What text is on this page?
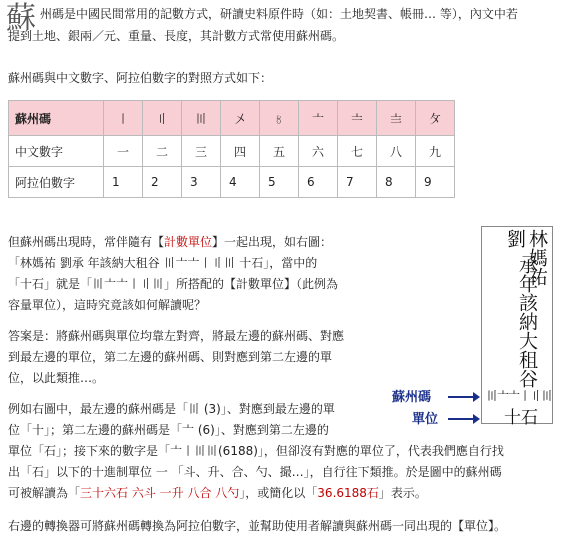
蘇 州碼是中國民間常用的記數方式，研讀史料原件時（如：土地契書、帳冊… 等），內文中若
提到土地、銀兩／元、重量、長度，其計數方式常使用蘇州碼。
蘇州碼與中文數字、阿拉伯數字的對照方式如下：
蘇州碼	〡	〢	〣	〤	〥	〦	〧	〨	〩
中文數字	一	二	三	四	五	六	七	八	九
阿拉伯數字	1	2	3	4	5	6	7	8	9
但蘇州碼出現時，常伴隨有【計數單位】一起出現，如右圖：
「林媽祐 劉承 年該納大租谷 〣〦〦〡〢〣 十石」，當中的
「十石」就是「〣〦〦〡〢〣」所搭配的【計數單位】（此例為
容量單位），這時究竟該如何解讀呢？
答案是：將蘇州碼與單位均靠左對齊，將最左邊的蘇州碼、對應
到最左邊的單位，第二左邊的蘇州碼、則對應到第二左邊的單
位，以此類推…。
例如右圖中，最左邊的蘇州碼是「〣 (3)」、對應到最左邊的單
位「十」；第二左邊的蘇州碼是「〦 (6)」、對應到第二左邊的
單位「石」；接下來的數字是「〦〡〣〣(6188)」，但卻沒有對應的單位了，代表我們應自行找
出「石」以下的十進制單位 一 「斗、升、合、勺、撮…」，自行往下類推。於是圖中的蘇州碼
可被解讀為「三十六石 六斗 一升 八合 八勺」，或簡化以「36.6188石」表示。
右邊的轉換器可將蘇州碼轉換為阿拉伯數字，並幫助使用者解讀與蘇州碼一同出現的【單位】。
林媽祐
劉
承年該納大租谷
〣〦〦〡〢〣
十石
蘇州碼
單位
